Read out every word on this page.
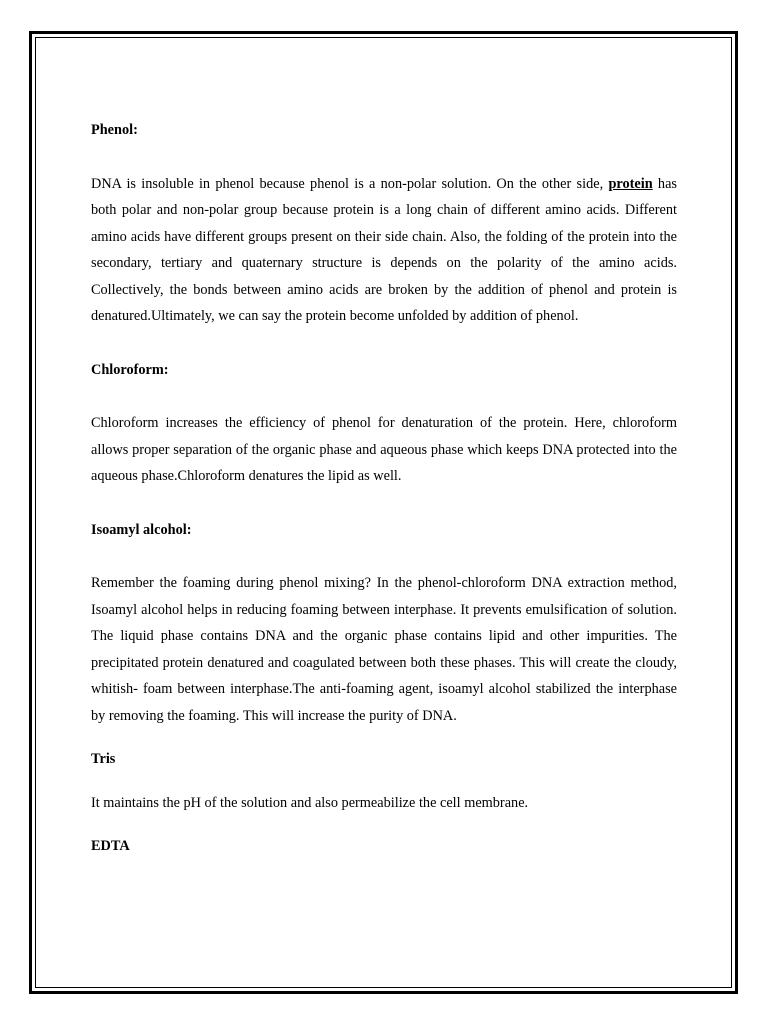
Phenol:

DNA is insoluble in phenol because phenol is a non-polar solution. On the other side, protein has both polar and non-polar group because protein is a long chain of different amino acids. Different amino acids have different groups present on their side chain. Also, the folding of the protein into the secondary, tertiary and quaternary structure is depends on the polarity of the amino acids. Collectively, the bonds between amino acids are broken by the addition of phenol and protein is denatured.Ultimately, we can say the protein become unfolded by addition of phenol.

Chloroform:

Chloroform increases the efficiency of phenol for denaturation of the protein. Here, chloroform allows proper separation of the organic phase and aqueous phase which keeps DNA protected into the aqueous phase.Chloroform denatures the lipid as well.

Isoamyl alcohol:

Remember the foaming during phenol mixing? In the phenol-chloroform DNA extraction method, Isoamyl alcohol helps in reducing foaming between interphase. It prevents emulsification of solution. The liquid phase contains DNA and the organic phase contains lipid and other impurities. The precipitated protein denatured and coagulated between both these phases. This will create the cloudy, whitish- foam between interphase.The anti-foaming agent, isoamyl alcohol stabilized the interphase by removing the foaming. This will increase the purity of DNA.

Tris

It maintains the pH of the solution and also permeabilize the cell membrane.

EDTA
